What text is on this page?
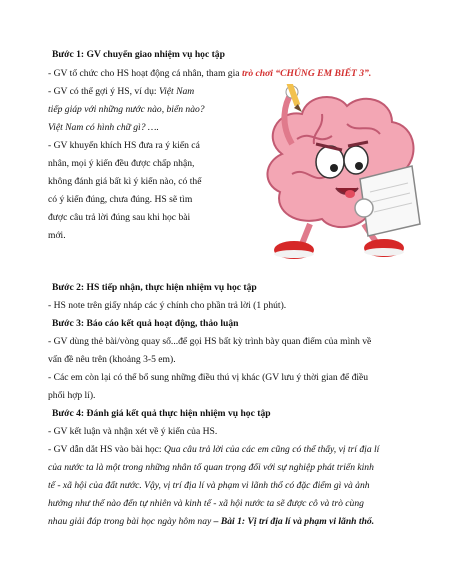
Bước 1: GV chuyển giao nhiệm vụ học tập
- GV tổ chức cho HS hoạt động cá nhân, tham gia trò chơi “CHÚNG EM BIẾT 3”.
- GV có thể gợi ý HS, ví dụ: Việt Nam
tiếp giáp với những nước nào, biển nào?
Việt Nam có hình chữ gì? ….
- GV khuyến khích HS đưa ra ý kiến cá
nhân, mọi ý kiến đều được chấp nhận,
không đánh giá bất kì ý kiến nào, có thể
có ý kiến đúng, chưa đúng. HS sẽ tìm
được câu trả lời đúng sau khi học bài
mới.
Bước 2: HS tiếp nhận, thực hiện nhiệm vụ học tập
- HS note trên giấy nháp các ý chính cho phần trả lời (1 phút).
Bước 3: Báo cáo kết quả hoạt động, thảo luận
- GV dùng thẻ bài/vòng quay số...để gọi HS bất kỳ trình bày quan điểm của mình về
vấn đề nêu trên (khoảng 3-5 em).
- Các em còn lại có thể bổ sung những điều thú vị khác (GV lưu ý thời gian để điều
phối hợp lí).
Bước 4: Đánh giá kết quả thực hiện nhiệm vụ học tập
- GV kết luận và nhận xét về ý kiến của HS.
- GV dẫn dắt HS vào bài học: Qua câu trả lời của các em cũng có thể thấy, vị trí địa lí
của nước ta là một trong những nhân tố quan trọng đối với sự nghiệp phát triển kinh
tế - xã hội của đất nước. Vậy, vị trí địa lí và phạm vi lãnh thổ có đặc điểm gì và ảnh
hưởng như thế nào đến tự nhiên và kinh tế - xã hội nước ta sẽ được cô và trò cùng
nhau giải đáp trong bài học ngày hôm nay – Bài 1: Vị trí địa lí và phạm vi lãnh thổ.
